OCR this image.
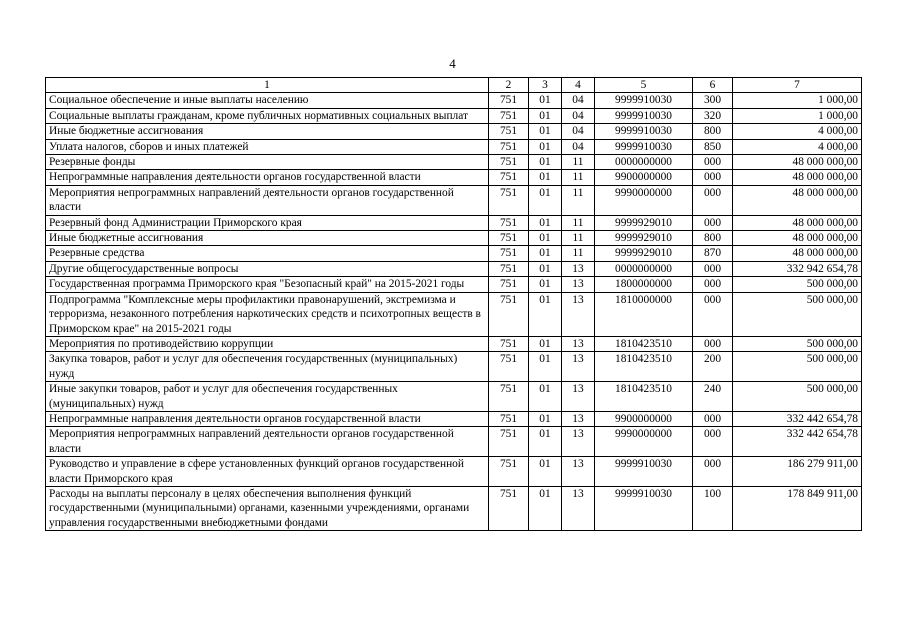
4
1	2	3	4	5	6	7
Социальное обеспечение и иные выплаты населению	751	01	04	9999910030	300	1 000,00
Социальные выплаты гражданам, кроме публичных нормативных социальных выплат	751	01	04	9999910030	320	1 000,00
Иные бюджетные ассигнования	751	01	04	9999910030	800	4 000,00
Уплата налогов, сборов и иных платежей	751	01	04	9999910030	850	4 000,00
Резервные фонды	751	01	11	0000000000	000	48 000 000,00
Непрограммные направления деятельности органов государственной власти	751	01	11	9900000000	000	48 000 000,00
Мероприятия непрограммных направлений деятельности органов государственной власти	751	01	11	9990000000	000	48 000 000,00
Резервный фонд Администрации Приморского края	751	01	11	9999929010	000	48 000 000,00
Иные бюджетные ассигнования	751	01	11	9999929010	800	48 000 000,00
Резервные средства	751	01	11	9999929010	870	48 000 000,00
Другие общегосударственные вопросы	751	01	13	0000000000	000	332 942 654,78
Государственная программа Приморского края "Безопасный край" на 2015-2021 годы	751	01	13	1800000000	000	500 000,00
Подпрограмма "Комплексные меры профилактики правонарушений, экстремизма и терроризма, незаконного потребления наркотических средств и психотропных веществ в Приморском крае" на 2015-2021 годы	751	01	13	1810000000	000	500 000,00
Мероприятия по противодействию коррупции	751	01	13	1810423510	000	500 000,00
Закупка товаров, работ и услуг для обеспечения государственных (муниципальных) нужд	751	01	13	1810423510	200	500 000,00
Иные закупки товаров, работ и услуг для обеспечения государственных (муниципальных) нужд	751	01	13	1810423510	240	500 000,00
Непрограммные направления деятельности органов государственной власти	751	01	13	9900000000	000	332 442 654,78
Мероприятия непрограммных направлений деятельности органов государственной власти	751	01	13	9990000000	000	332 442 654,78
Руководство и управление в сфере установленных функций органов государственной власти Приморского края	751	01	13	9999910030	000	186 279 911,00
Расходы на выплаты персоналу в целях обеспечения выполнения функций государственными (муниципальными) органами, казенными учреждениями, органами управления государственными внебюджетными фондами	751	01	13	9999910030	100	178 849 911,00
